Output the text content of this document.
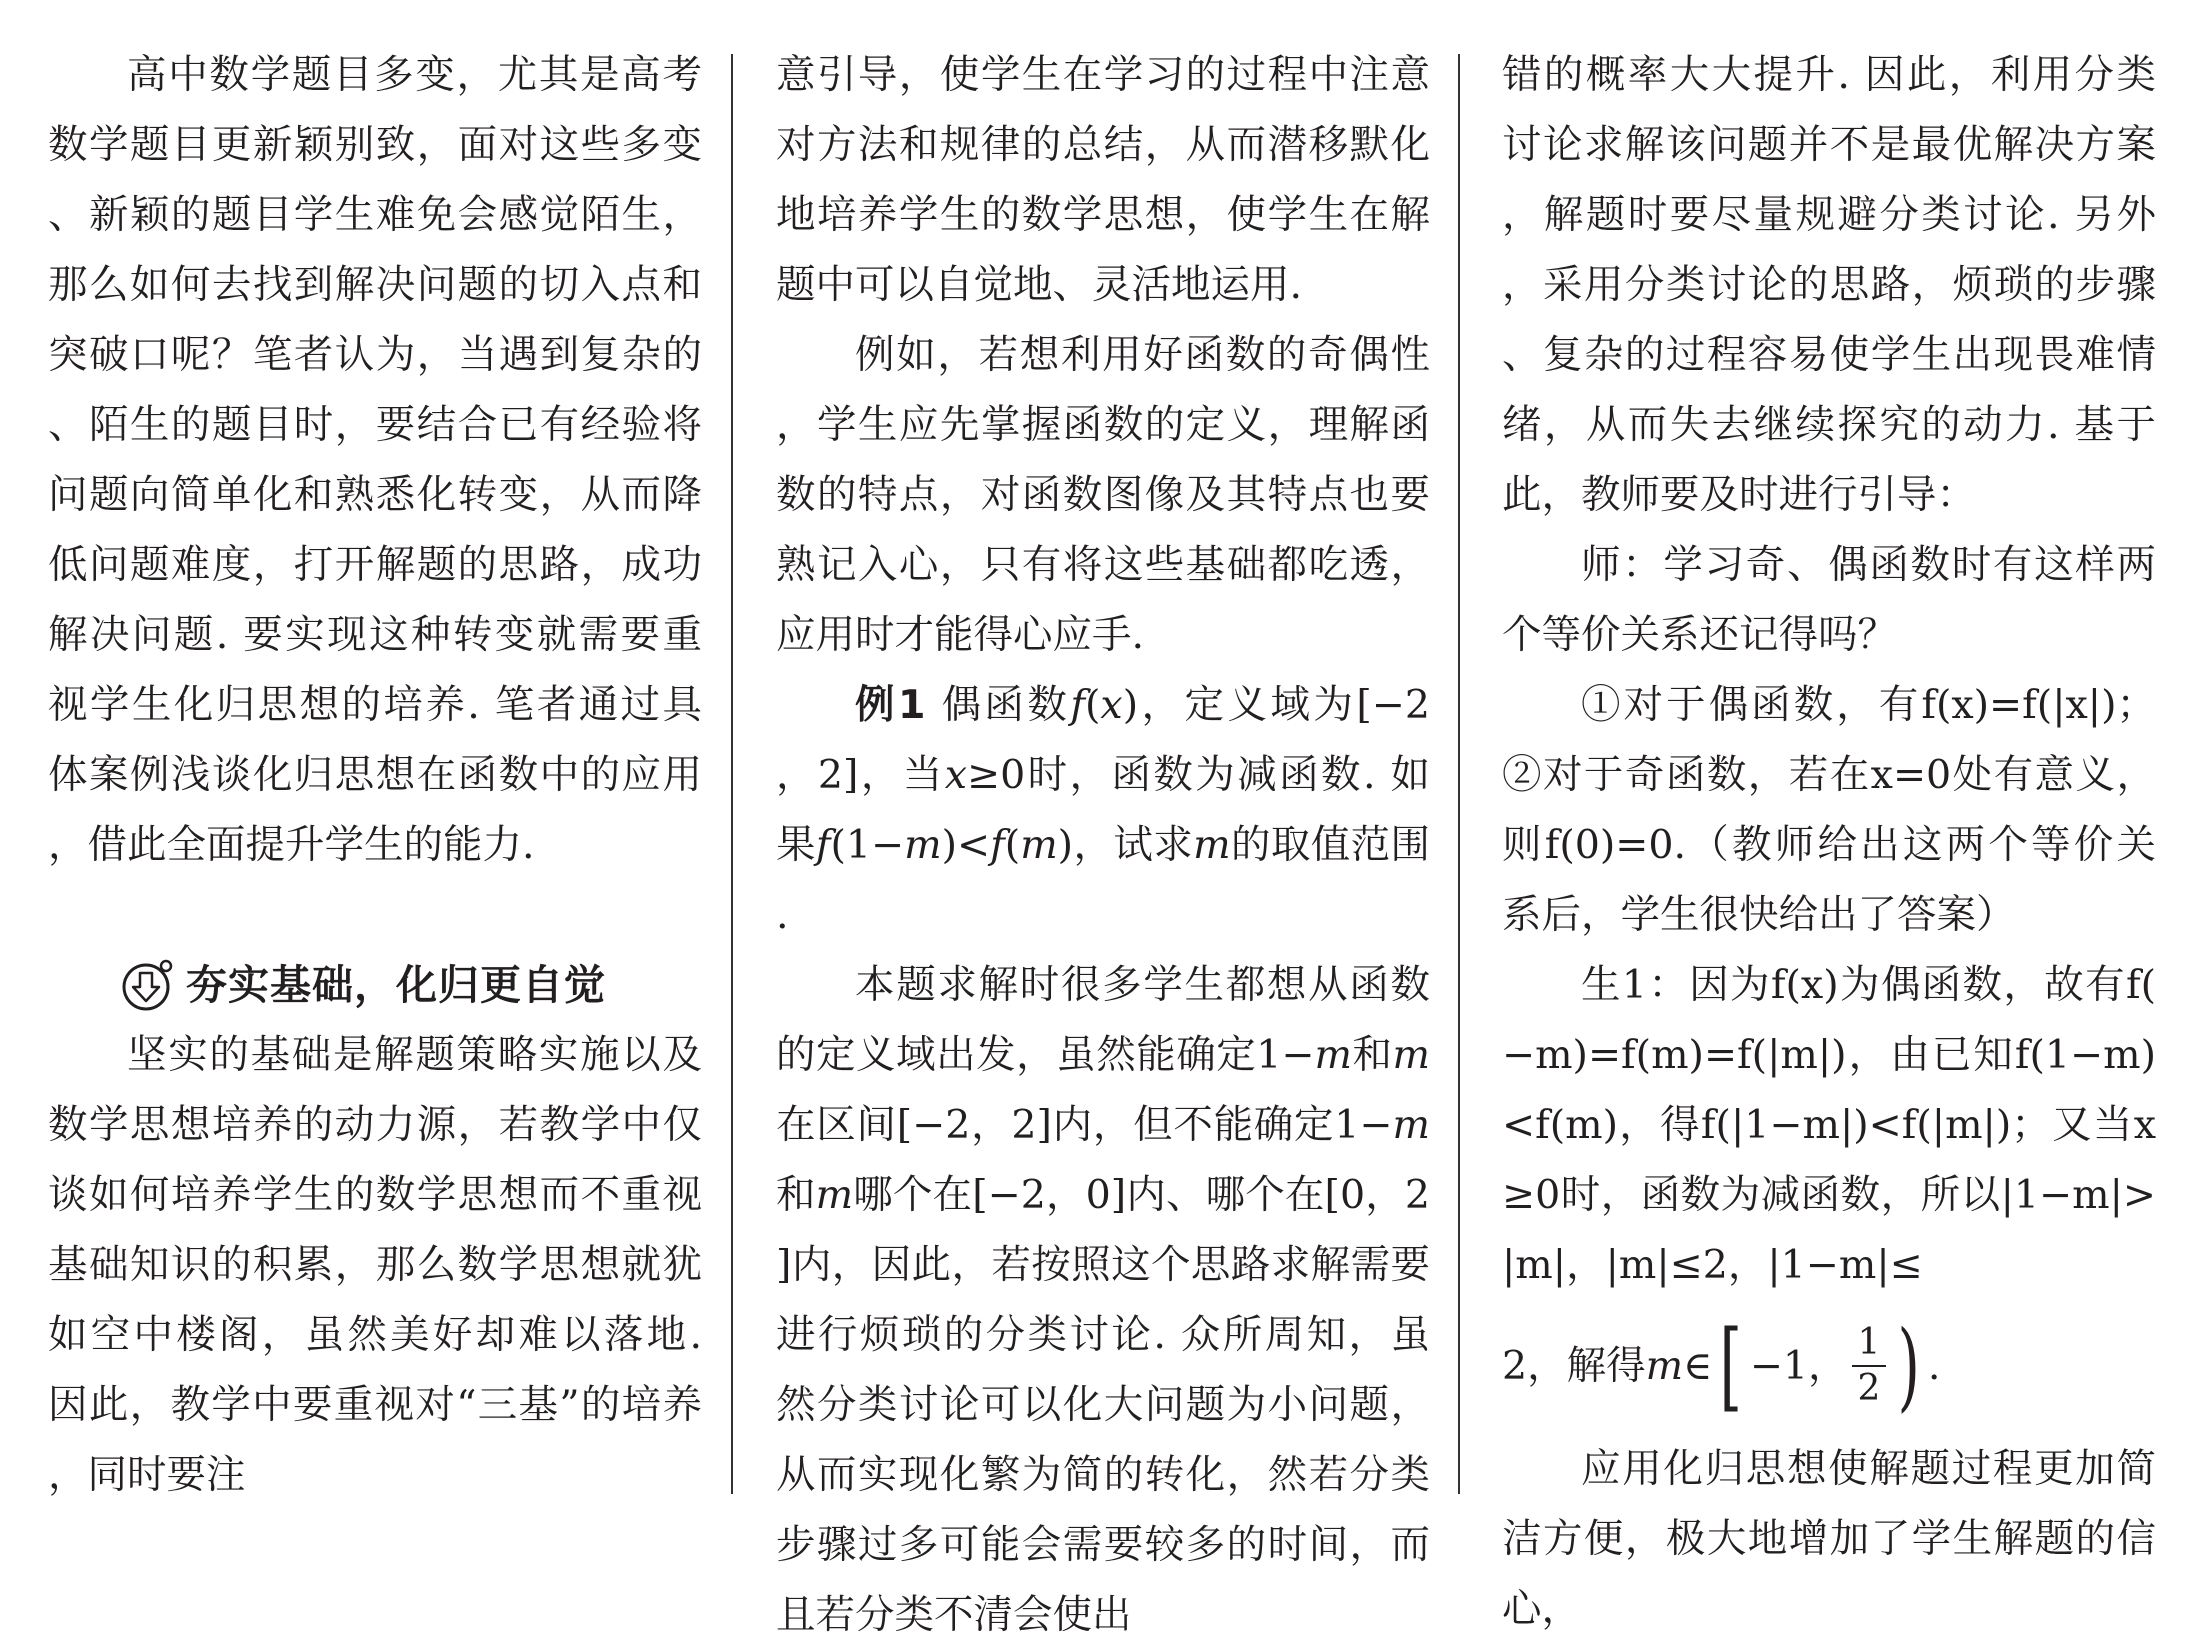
高中数学题目多变，尤其是高考数学题目更新颖别致，面对这些多变、新颖的题目学生难免会感觉陌生，那么如何去找到解决问题的切入点和突破口呢？笔者认为，当遇到复杂的、陌生的题目时，要结合已有经验将问题向简单化和熟悉化转变，从而降低问题难度，打开解题的思路，成功解决问题. 要实现这种转变就需要重视学生化归思想的培养. 笔者通过具体案例浅谈化归思想在函数中的应用，借此全面提升学生的能力.

夯实基础，化归更自觉

坚实的基础是解题策略实施以及数学思想培养的动力源，若教学中仅谈如何培养学生的数学思想而不重视基础知识的积累，那么数学思想就犹如空中楼阁，虽然美好却难以落地. 因此，教学中要重视对“三基”的培养，同时要注

意引导，使学生在学习的过程中注意对方法和规律的总结，从而潜移默化地培养学生的数学思想，使学生在解题中可以自觉地、灵活地运用.

例如，若想利用好函数的奇偶性，学生应先掌握函数的定义，理解函数的特点，对函数图像及其特点也要熟记入心，只有将这些基础都吃透，应用时才能得心应手.

例1 偶函数f(x)，定义域为[−2，2]，当x≥0时，函数为减函数. 如果f(1−m)<f(m)，试求m的取值范围.

本题求解时很多学生都想从函数的定义域出发，虽然能确定1−m和m在区间[−2，2]内，但不能确定1−m和m哪个在[−2，0]内、哪个在[0，2]内，因此，若按照这个思路求解需要进行烦琐的分类讨论. 众所周知，虽然分类讨论可以化大问题为小问题，从而实现化繁为简的转化，然若分类步骤过多可能会需要较多的时间，而且若分类不清会使出

错的概率大大提升. 因此，利用分类讨论求解该问题并不是最优解决方案，解题时要尽量规避分类讨论. 另外，采用分类讨论的思路，烦琐的步骤、复杂的过程容易使学生出现畏难情绪，从而失去继续探究的动力. 基于此，教师要及时进行引导：

师：学习奇、偶函数时有这样两个等价关系还记得吗？

①对于偶函数，有f(x)=f(|x|)；②对于奇函数，若在x=0处有意义，则f(0)=0.（教师给出这两个等价关系后，学生很快给出了答案）

生1：因为f(x)为偶函数，故有f(−m)=f(m)=f(|m|)，由已知f(1−m)<f(m)，得f(|1−m|)<f(|m|)；又当x≥0时，函数为减函数，所以|1−m|>|m|，|m|≤2，|1−m|≤

2，解得 m ∈ [ −1， $\frac{1}{2}$ ) .

应用化归思想使解题过程更加简洁方便，极大地增加了学生解题的信心，
